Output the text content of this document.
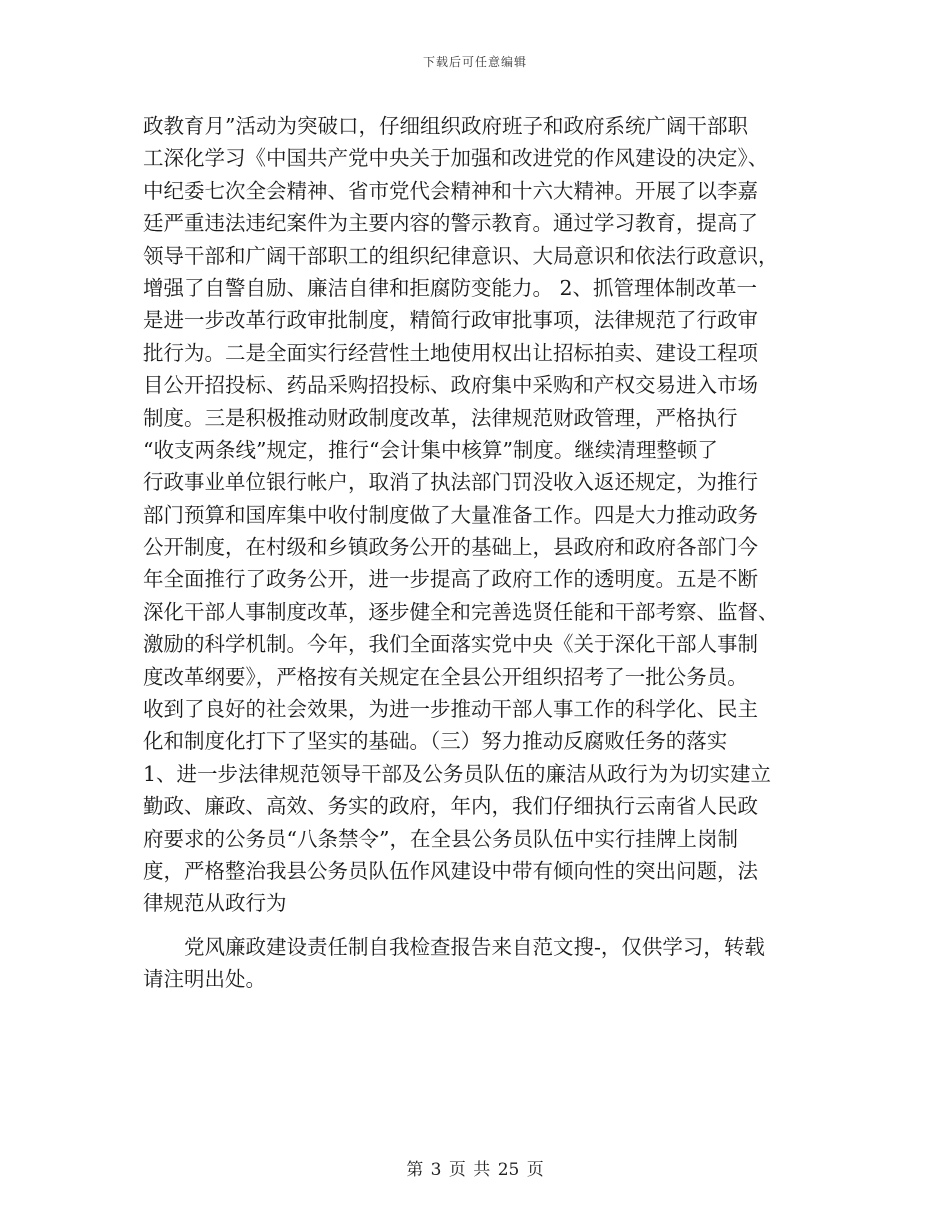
下载后可任意编辑
政教育月”活动为突破口，仔细组织政府班子和政府系统广阔干部职
工深化学习《中国共产党中央关于加强和改进党的作风建设的决定》、
中纪委七次全会精神、省市党代会精神和十六大精神。开展了以李嘉
廷严重违法违纪案件为主要内容的警示教育。通过学习教育，提高了
领导干部和广阔干部职工的组织纪律意识、大局意识和依法行政意识，
增强了自警自励、廉洁自律和拒腐防变能力。 2、抓管理体制改革一
是进一步改革行政审批制度，精简行政审批事项，法律规范了行政审
批行为。二是全面实行经营性土地使用权出让招标拍卖、建设工程项
目公开招投标、药品采购招投标、政府集中采购和产权交易进入市场
制度。三是积极推动财政制度改革，法律规范财政管理，严格执行
“收支两条线”规定，推行“会计集中核算”制度。继续清理整顿了
行政事业单位银行帐户，取消了执法部门罚没收入返还规定，为推行
部门预算和国库集中收付制度做了大量准备工作。四是大力推动政务
公开制度，在村级和乡镇政务公开的基础上，县政府和政府各部门今
年全面推行了政务公开，进一步提高了政府工作的透明度。五是不断
深化干部人事制度改革，逐步健全和完善选贤任能和干部考察、监督、
激励的科学机制。今年，我们全面落实党中央《关于深化干部人事制
度改革纲要》，严格按有关规定在全县公开组织招考了一批公务员。
收到了良好的社会效果，为进一步推动干部人事工作的科学化、民主
化和制度化打下了坚实的基础。（三）努力推动反腐败任务的落实
1、进一步法律规范领导干部及公务员队伍的廉洁从政行为为切实建立
勤政、廉政、高效、务实的政府，年内，我们仔细执行云南省人民政
府要求的公务员“八条禁令”，在全县公务员队伍中实行挂牌上岗制
度，严格整治我县公务员队伍作风建设中带有倾向性的突出问题，法
律规范从政行为
党风廉政建设责任制自我检查报告来自范文搜-，仅供学习，转载
请注明出处。
第 3 页 共 25 页
